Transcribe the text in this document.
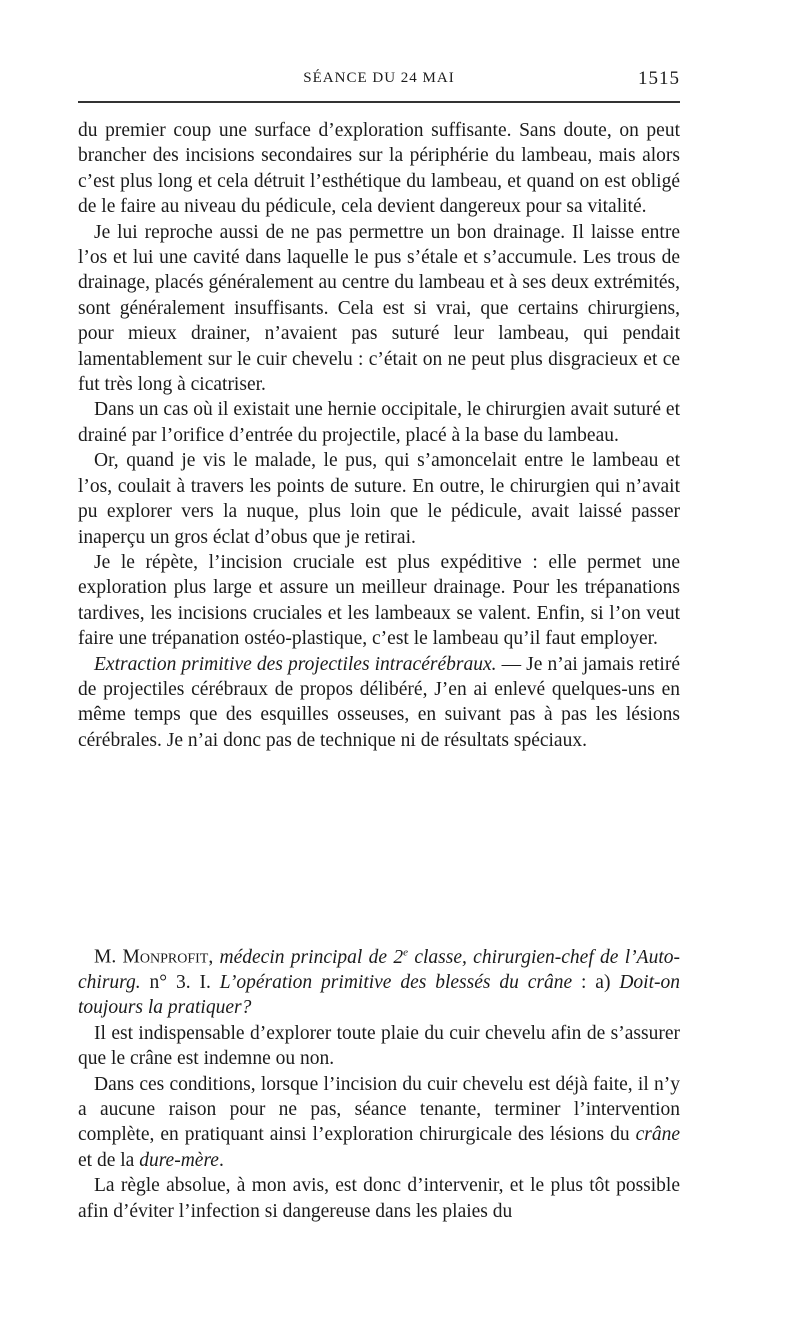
SÉANCE DU 24 MAI	1515

du premier coup une surface d’exploration suffisante. Sans doute, on peut brancher des incisions secondaires sur la périphérie du lambeau, mais alors c’est plus long et cela détruit l’esthétique du lambeau, et quand on est obligé de le faire au niveau du pédicule, cela devient dangereux pour sa vitalité.

Je lui reproche aussi de ne pas permettre un bon drainage. Il laisse entre l’os et lui une cavité dans laquelle le pus s’étale et s’accumule. Les trous de drainage, placés généralement au centre du lambeau et à ses deux extrémités, sont généralement insuffisants. Cela est si vrai, que certains chirurgiens, pour mieux drainer, n’avaient pas suturé leur lambeau, qui pendait lamentablement sur le cuir chevelu : c’était on ne peut plus disgracieux et ce fut très long à cicatriser.

Dans un cas où il existait une hernie occipitale, le chirurgien avait suturé et drainé par l’orifice d’entrée du projectile, placé à la base du lambeau.

Or, quand je vis le malade, le pus, qui s’amoncelait entre le lambeau et l’os, coulait à travers les points de suture. En outre, le chirurgien qui n’avait pu explorer vers la nuque, plus loin que le pédicule, avait laissé passer inaperçu un gros éclat d’obus que je retirai.

Je le répète, l’incision cruciale est plus expéditive : elle permet une exploration plus large et assure un meilleur drainage. Pour les trépanations tardives, les incisions cruciales et les lambeaux se valent. Enfin, si l’on veut faire une trépanation ostéo-plastique, c’est le lambeau qu’il faut employer.

Extraction primitive des projectiles intracérébraux. — Je n’ai jamais retiré de projectiles cérébraux de propos délibéré, J’en ai enlevé quelques-uns en même temps que des esquilles osseuses, en suivant pas à pas les lésions cérébrales. Je n’ai donc pas de technique ni de résultats spéciaux.

M. Monprofit, médecin principal de 2e classe, chirurgien-chef de l’Auto-chirurg. n° 3. I. L’opération primitive des blessés du crâne : a) Doit-on toujours la pratiquer?

Il est indispensable d’explorer toute plaie du cuir chevelu afin de s’assurer que le crâne est indemne ou non.

Dans ces conditions, lorsque l’incision du cuir chevelu est déjà faite, il n’y a aucune raison pour ne pas, séance tenante, terminer l’intervention complète, en pratiquant ainsi l’exploration chirurgicale des lésions du crâne et de la dure-mère.

La règle absolue, à mon avis, est donc d’intervenir, et le plus tôt possible afin d’éviter l’infection si dangereuse dans les plaies du
